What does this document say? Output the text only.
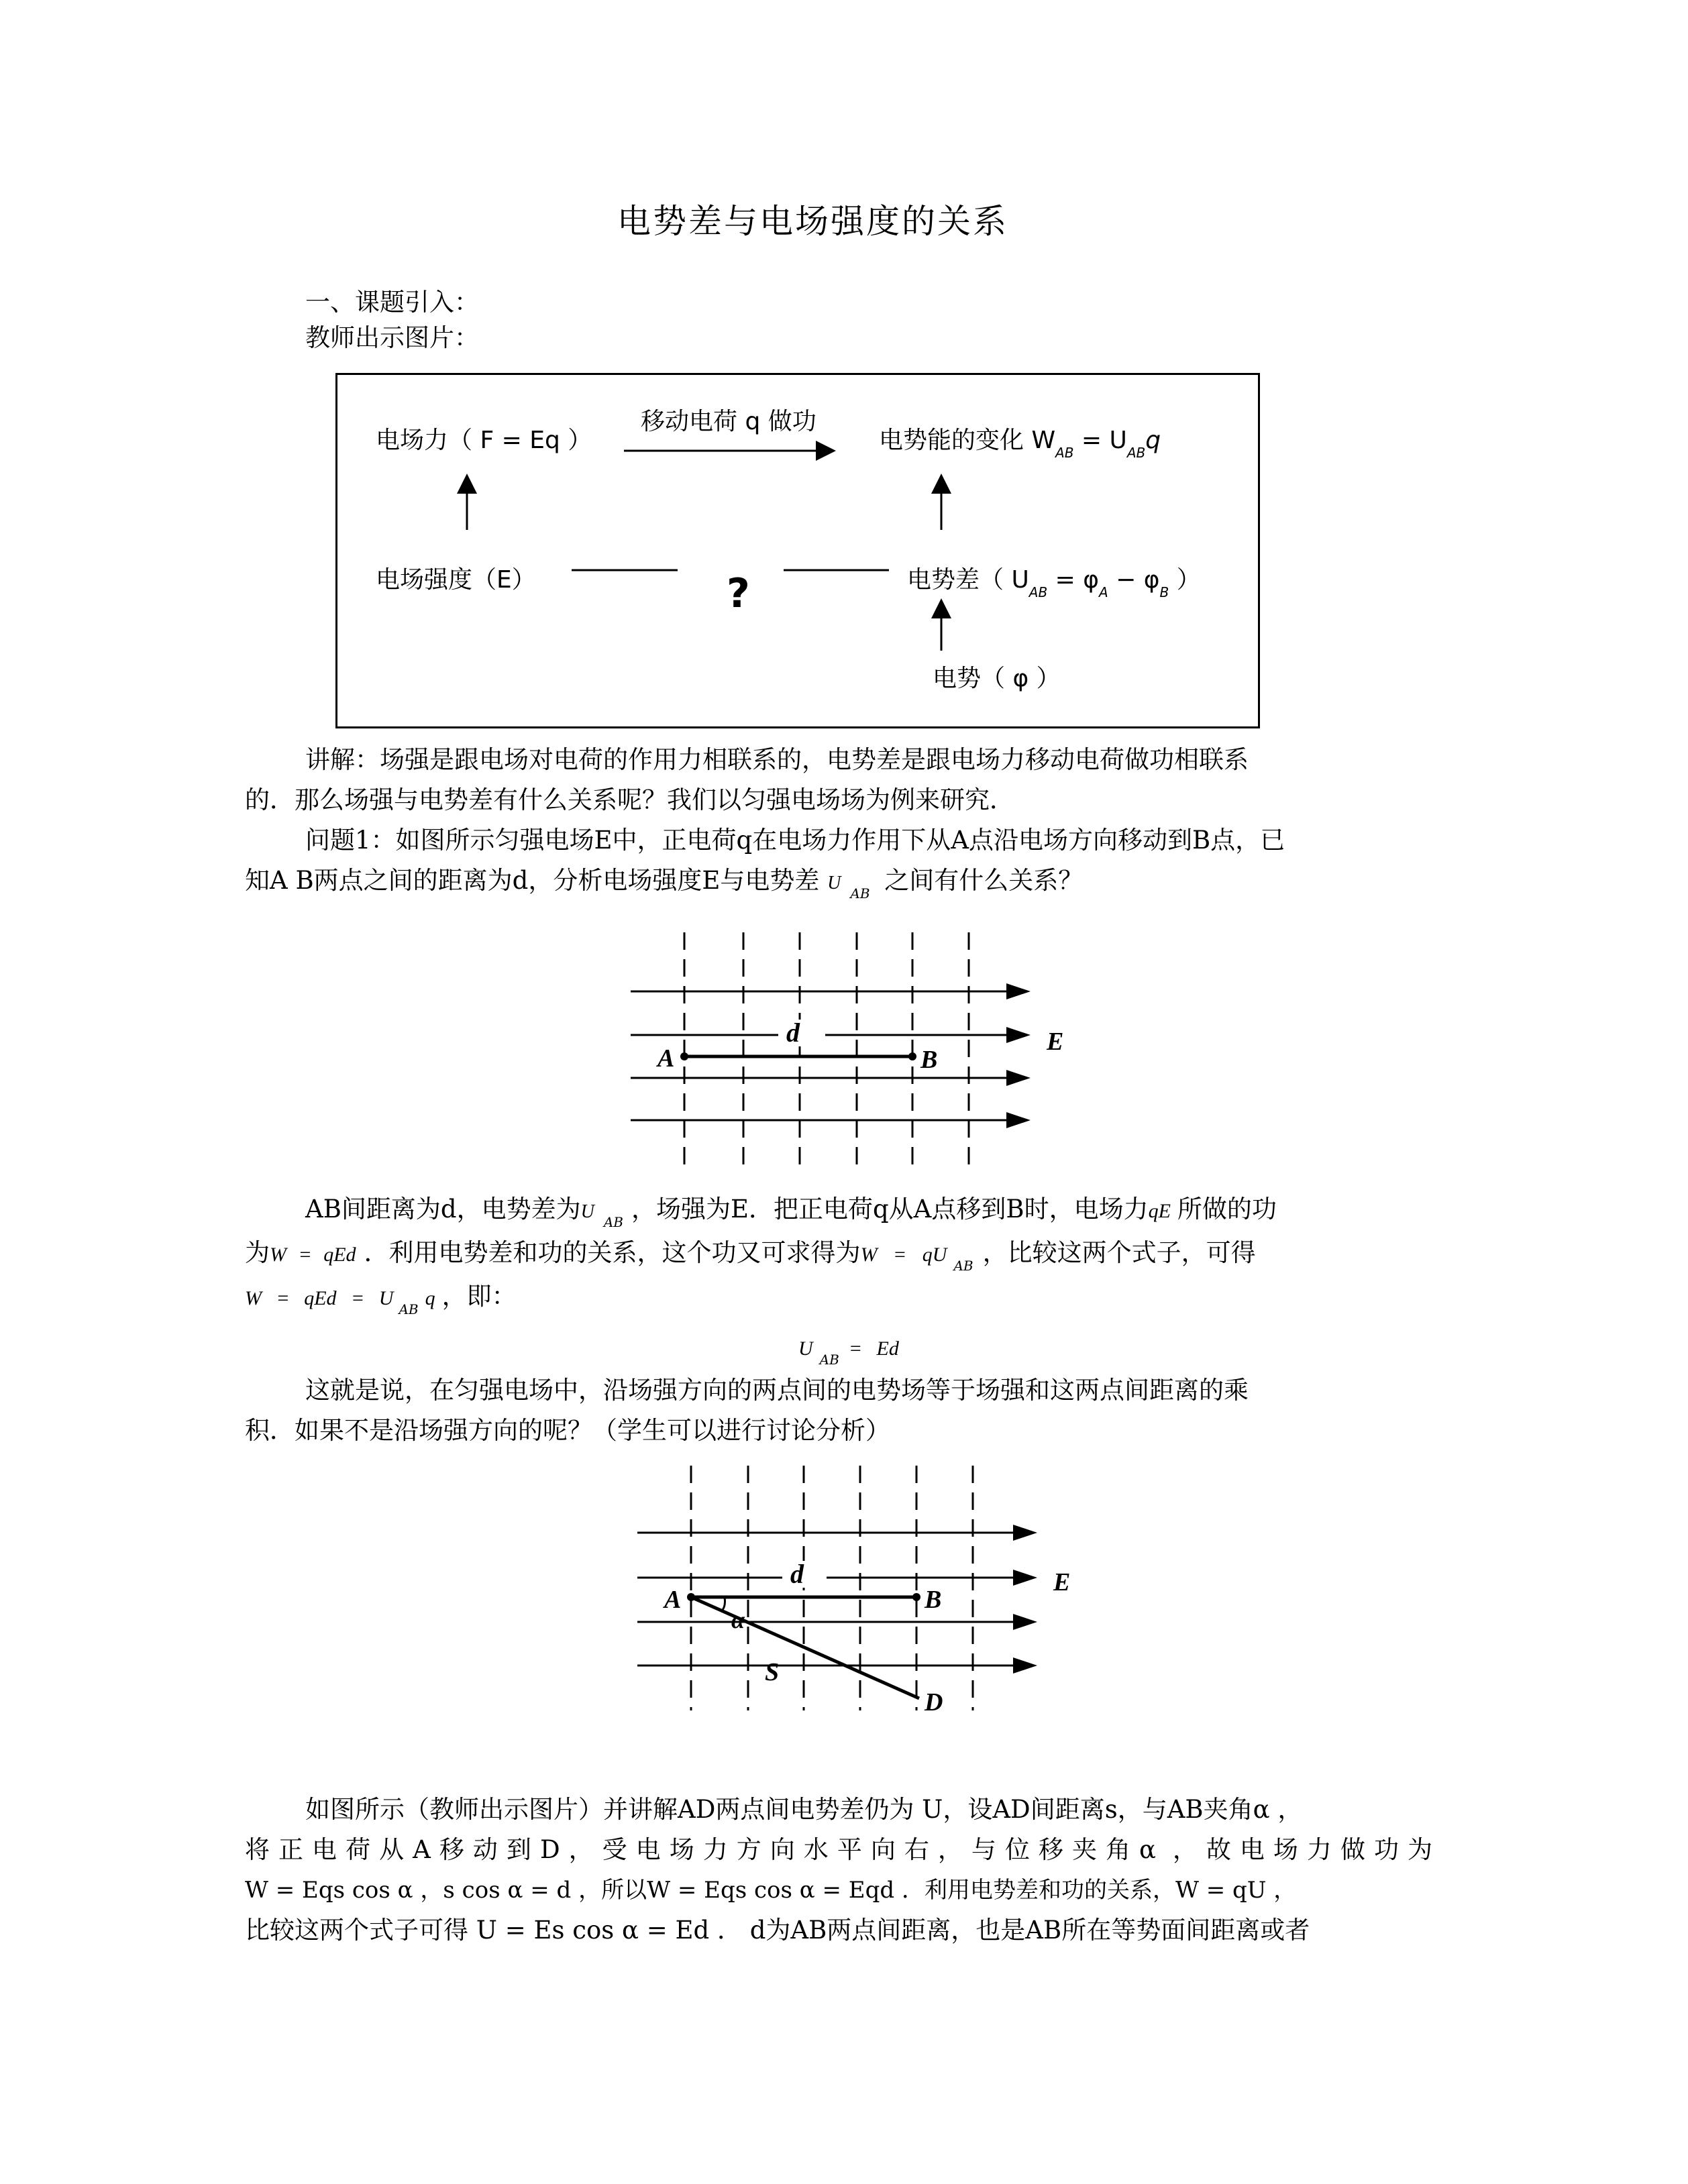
电势差与电场强度的关系
一、课题引入：
教师出示图片：
电场力（ F = Eq ）
移动电荷 q 做功
电势能的变化 $W_{AB} = U_{AB}q$
电场强度（E）	?	电势差（ $U_{AB} = \varphi_A - \varphi_B$ ）
电势（ φ ）
讲解：场强是跟电场对电荷的作用力相联系的，电势差是跟电场力移动电荷做功相联系
的．那么场强与电势差有什么关系呢？我们以匀强电场场为例来研究．
问题1：如图所示匀强电场E中，正电荷q在电场力作用下从A点沿电场方向移动到B点，已
知A B两点之间的距离为d，分析电场强度E与电势差 U $_{AB}$ 之间有什么关系？
d
A	B
E
AB间距离为d，电势差为U $_{AB}$ ，场强为E．把正电荷q从A点移到B时，电场力qE 所做的功
为W = qEd ．利用电势差和功的关系，这个功又可求得为W = qU $_{AB}$ ，比较这两个式子，可得
W = qEd = U $_{AB}$ q ，即：
U $_{AB}$ = Ed
这就是说，在匀强电场中，沿场强方向的两点间的电势场等于场强和这两点间距离的乘
积．如果不是沿场强方向的呢？（学生可以进行讨论分析）
d
A	B
α
S
D
E
如图所示（教师出示图片）并讲解AD两点间电势差仍为 U，设AD间距离s，与AB夹角α ，
将正电荷从A移动到D，受电场力方向水平向右，与位移夹角α ，故电场力做功为
W = Eqs cos α ，s cos α = d ，所以W = Eqs cos α = Eqd ．利用电势差和功的关系，W = qU ，
比较这两个式子可得 U = Es cos α = Ed ． d为AB两点间距离，也是AB所在等势面间距离或者
